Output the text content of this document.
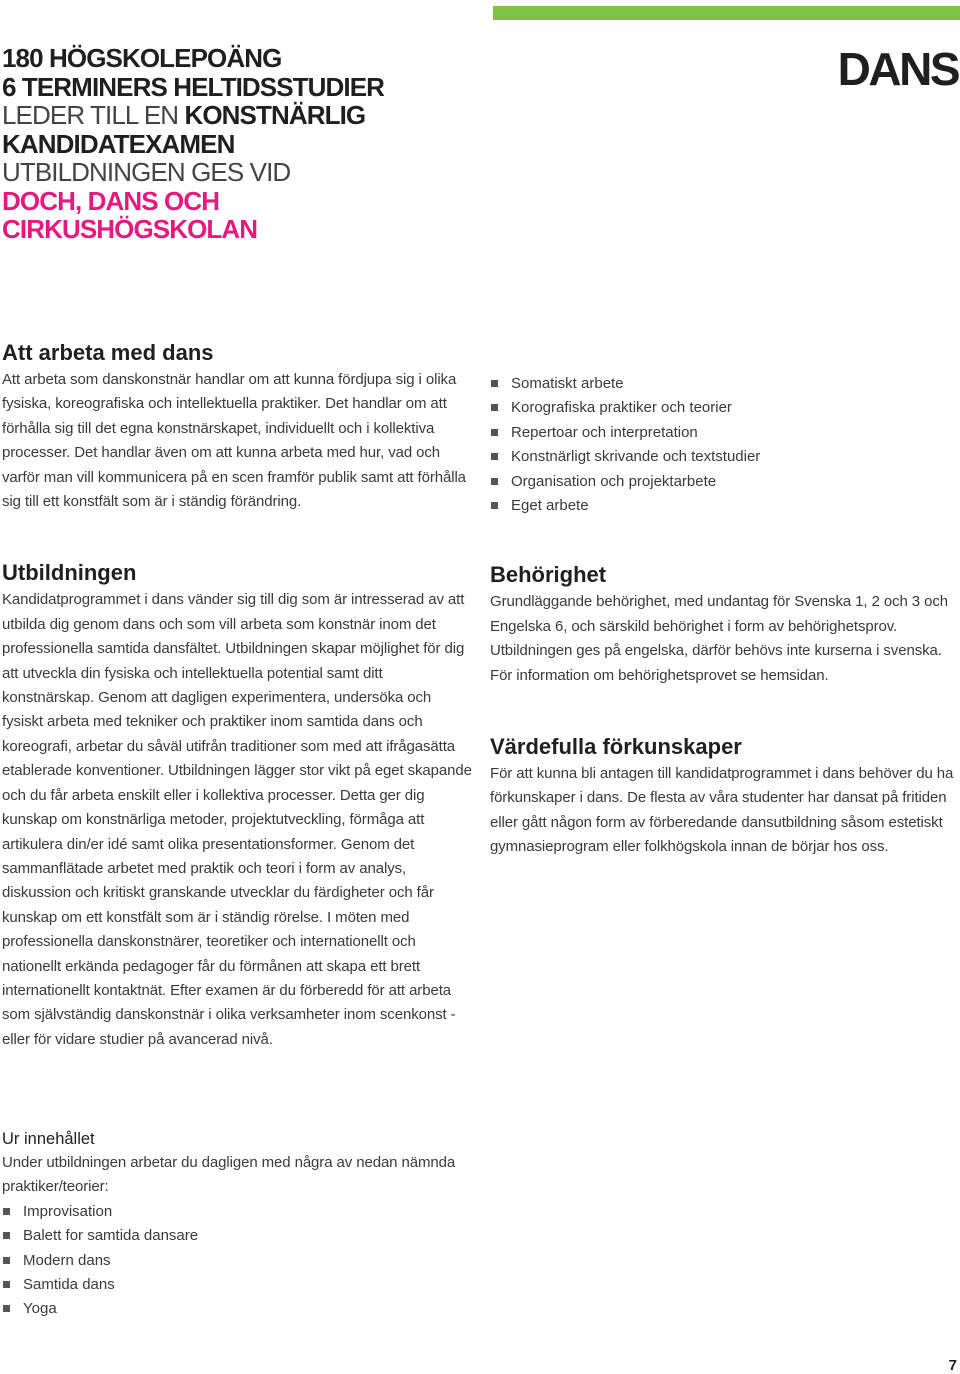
180 HÖGSKOLEPOÄNG
6 TERMINERS HELTIDSSTUDIER
LEDER TILL EN KONSTNÄRLIG
KANDIDATEXAMEN
UTBILDNINGEN GES VID
DOCH, DANS OCH
CIRKUSHÖGSKOLAN
DANS
Att arbeta med dans

Att arbeta som danskonstnär handlar om att kunna fördjupa sig i olika fysiska, koreografiska och intellektuella praktiker. Det handlar om att förhålla sig till det egna konstnärskapet, individuellt och i kollektiva processer. Det handlar även om att kunna arbeta med hur, vad och varför man vill kommunicera på en scen framför publik samt att förhålla sig till ett konstfält som är i ständig förändring.

Utbildningen

Kandidatprogrammet i dans vänder sig till dig som är intresserad av att utbilda dig genom dans och som vill arbeta som konstnär inom det professionella samtida dansfältet. Utbildningen skapar möjlighet för dig att utveckla din fysiska och intellektuella potential samt ditt konstnärskap. Genom att dagligen experimentera, undersöka och fysiskt arbeta med tekniker och praktiker inom samtida dans och koreografi, arbetar du såväl utifrån traditioner som med att ifrågasätta etablerade konventioner. Utbildningen lägger stor vikt på eget skapande och du får arbeta enskilt eller i kollektiva processer. Detta ger dig kunskap om konstnärliga metoder, projektutveckling, förmåga att artikulera din/er idé samt olika presentationsformer. Genom det sammanflätade arbetet med praktik och teori i form av analys, diskussion och kritiskt granskande utvecklar du färdigheter och får kunskap om ett konstfält som är i ständig rörelse. I möten med professionella danskonstnärer, teoretiker och internationellt och nationellt erkända pedagoger får du förmånen att skapa ett brett internationellt kontaktnät. Efter examen är du förberedd för att arbeta som självständig danskonstnär i olika verksamheter inom scenkonst - eller för vidare studier på avancerad nivå.

Ur innehållet

Under utbildningen arbetar du dagligen med några av nedan nämnda praktiker/teorier:

Improvisation
Balett for samtida dansare
Modern dans
Samtida dans
Yoga
Somatiskt arbete
Korografiska praktiker och teorier
Repertoar och interpretation
Konstnärligt skrivande och textstudier
Organisation och projektarbete
Eget arbete
Behörighet

Grundläggande behörighet, med undantag för Svenska 1, 2 och 3 och Engelska 6, och särskild behörighet i form av behörighetsprov. Utbildningen ges på engelska, därför behövs inte kurserna i svenska. För information om behörighetsprovet se hemsidan.

Värdefulla förkunskaper

För att kunna bli antagen till kandidatprogrammet i dans behöver du ha förkunskaper i dans. De flesta av våra studenter har dansat på fritiden eller gått någon form av förberedande dansutbildning såsom estetiskt gymnasieprogram eller folkhögskola innan de börjar hos oss.

7
